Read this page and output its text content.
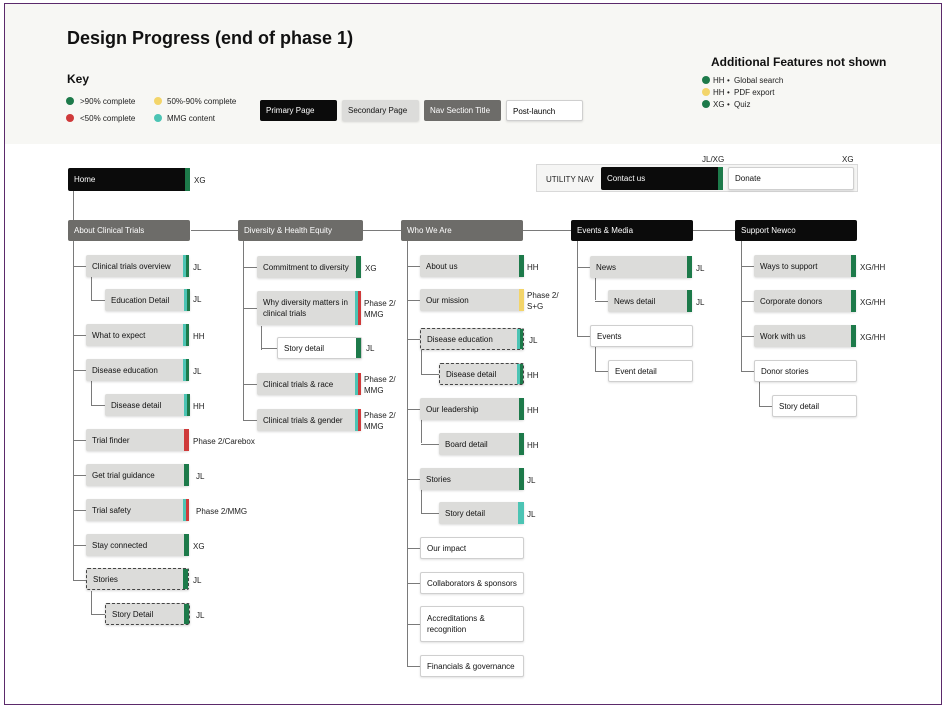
Design Progress (end of phase 1)
Key
>90% complete
<50% complete
50%-90% complete
MMG content
Primary Page	Secondary Page	Nav Section Title	Post-launch
Additional Features not shown
HH • Global search
HH • PDF export
XG • Quiz
UTILITY NAV Contact us
JL/XG
Donate
XG
Home	XG
About Clinical Trials	Diversity & Health Equity	Who We Are	Events & Media	Support Newco
Clinical trials overview	JL
Education Detail	JL
What to expect	HH
Disease education	JL
Disease detail	HH
Trial finder	Phase 2/Carebox
Get trial guidance	JL
Trial safety	Phase 2/MMG
Stay connected	XG
Stories	JL
Story Detail	JL
Commitment to diversity XG
Why diversity matters in clinical trials
Phase 2/ MMG
Story detail	JL
Clinical trials & race	Phase 2/ MMG
Clinical trials & gender	Phase 2/ MMG
About us	HH
Our mission	Phase 2/ S+G
Disease education	JL
Disease detail	HH
Our leadership	HH
Board detail	HH
Stories	JL
Story detail	JL
Our impact
Collaborators & sponsors
Accreditations & recognition
Financials & governance
News	JL
News detail	JL
Events
Event detail
Ways to support	XG/HH
Corporate donors	XG/HH
Work with us	XG/HH
Donor stories
Story detail
